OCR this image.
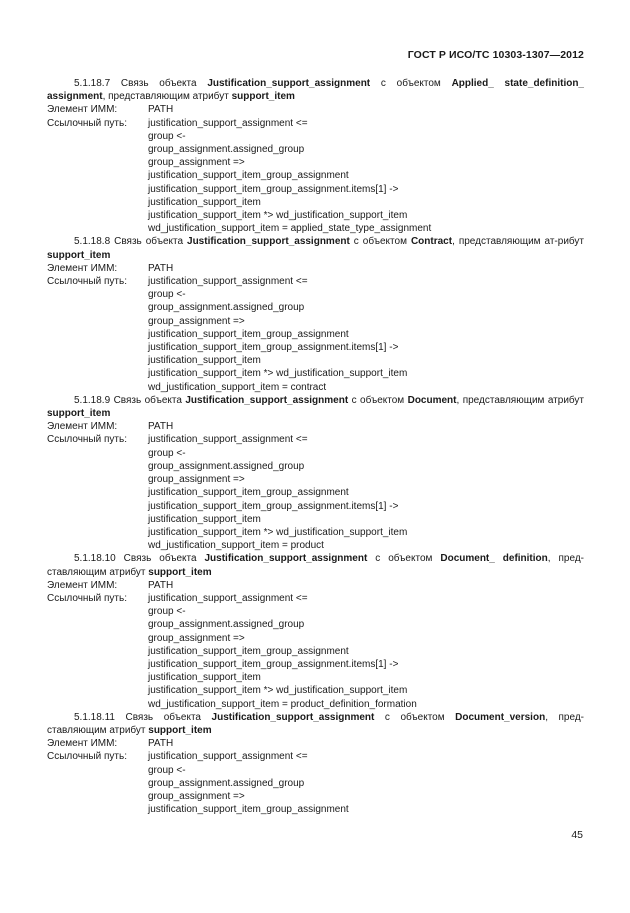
ГОСТ Р ИСО/ТС 10303-1307—2012

5.1.18.7 Связь объекта Justification_support_assignment с объектом Applied_ state_definition_ assignment, представляющим атрибут support_item

Элемент ИММ:	PATH
Ссылочный путь:	justification_support_assignment <=
group <-
group_assignment.assigned_group
group_assignment =>
justification_support_item_group_assignment
justification_support_item_group_assignment.items[1] ->
justification_support_item
justification_support_item *> wd_justification_support_item
wd_justification_support_item = applied_state_type_assignment

5.1.18.8 Связь объекта Justification_support_assignment с объектом Contract, представляющим ат-рибут support_item

Элемент ИММ:	PATH
Ссылочный путь:	justification_support_assignment <=
group <-
group_assignment.assigned_group
group_assignment =>
justification_support_item_group_assignment
justification_support_item_group_assignment.items[1] ->
justification_support_item
justification_support_item *> wd_justification_support_item
wd_justification_support_item = contract

5.1.18.9 Связь объекта Justification_support_assignment с объектом Document, представляющим атрибут support_item

Элемент ИММ:	PATH
Ссылочный путь:	justification_support_assignment <=
group <-
group_assignment.assigned_group
group_assignment =>
justification_support_item_group_assignment
justification_support_item_group_assignment.items[1] ->
justification_support_item
justification_support_item *> wd_justification_support_item
wd_justification_support_item = product

5.1.18.10 Связь объекта Justification_support_assignment с объектом Document_ definition, пред-ставляющим атрибут support_item

Элемент ИММ:	PATH
Ссылочный путь:	justification_support_assignment <=
group <-
group_assignment.assigned_group
group_assignment =>
justification_support_item_group_assignment
justification_support_item_group_assignment.items[1] ->
justification_support_item
justification_support_item *> wd_justification_support_item
wd_justification_support_item = product_definition_formation

5.1.18.11 Связь объекта Justification_support_assignment с объектом Document_version, пред-ставляющим атрибут support_item

Элемент ИММ:	PATH
Ссылочный путь:	justification_support_assignment <=
group <-
group_assignment.assigned_group
group_assignment =>
justification_support_item_group_assignment
45
